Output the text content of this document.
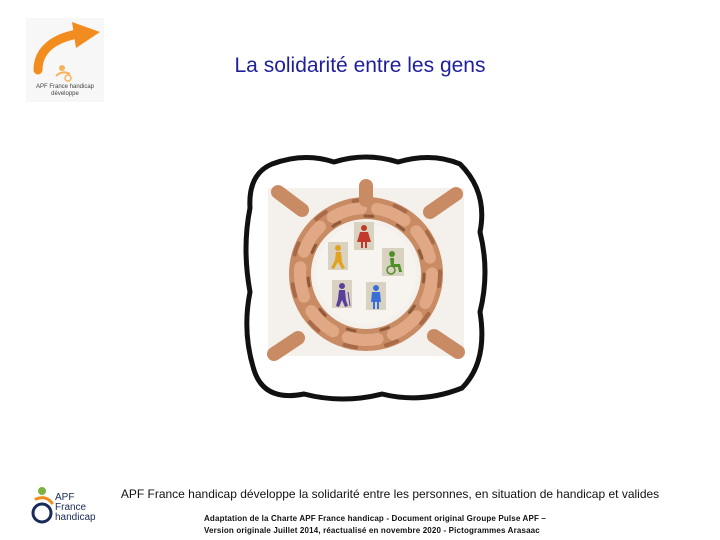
APF France handicap
développe
La solidarité entre les gens
APF
France
handicap
APF France handicap développe la solidarité entre les personnes, en situation de handicap et valides
Adaptation de la Charte APF France handicap - Document original Groupe Pulse APF –
Version originale Juillet 2014, réactualisé en novembre 2020 - Pictogrammes Arasaac
